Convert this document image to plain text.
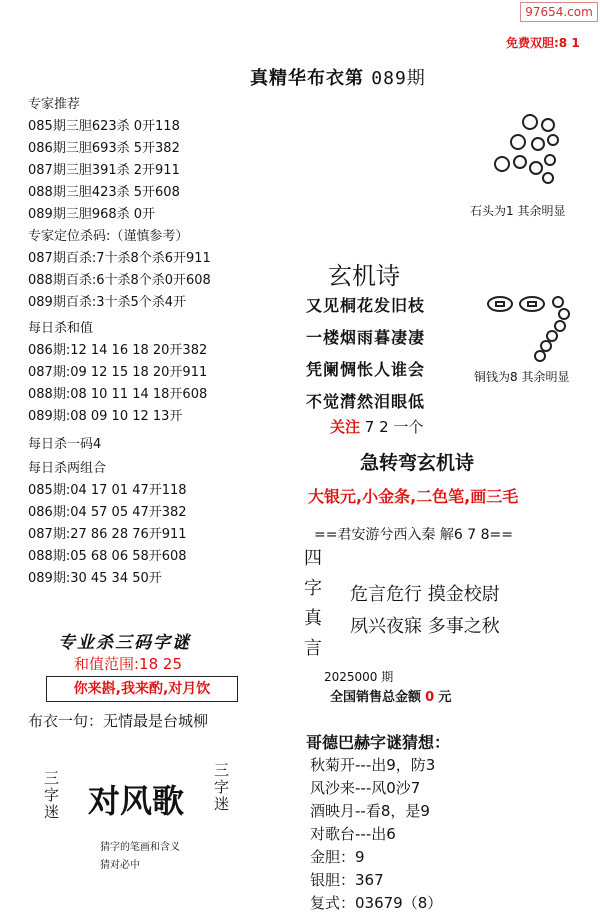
97654.com
免费双胆:8 1
真精华布衣第 089期
专家推荐
085期三胆623杀 0开118
086期三胆693杀 5开382
087期三胆391杀 2开911
088期三胆423杀 5开608
089期三胆968杀 0开
专家定位杀码:（谨慎参考）
087期百杀:7十杀8个杀6开911
088期百杀:6十杀8个杀0开608
089期百杀:3十杀5个杀4开
每日杀和值
086期:12 14 16 18 20开382
087期:09 12 15 18 20开911
088期:08 10 11 14 18开608
089期:08 09 10 12 13开
每日杀一码4
每日杀两组合
085期:04 17 01 47开118
086期:04 57 05 47开382
087期:27 86 28 76开911
088期:05 68 06 58开608
089期:30 45 34 50开
专业杀三码字谜
和值范围:18 25
你来斟,我来酌,对月饮
布衣一句：无情最是台城柳
三字迷 对风歌
三字迷
猜字的笔画和含义
猜对必中
石头为1 其余明显
铜钱为8 其余明显
玄机诗
又见桐花发旧枝
一楼烟雨暮凄凄
凭阑惆怅人谁会
不觉潸然泪眼低
关注 7 2 一个
急转弯玄机诗
大银元,小金条,二色笔,画三毛
==君安游兮西入秦 解6 7 8==
四
字
真
言
危言危行 摸金校尉
夙兴夜寐 多事之秋
2025000 期
全国销售总金额 0 元
哥德巴赫字谜猜想：
秋菊开---出9，防3
风沙来---风0沙7
酒映月--看8，是9
对歌台---出6
金胆：9
银胆：367
复式：03679（8）
